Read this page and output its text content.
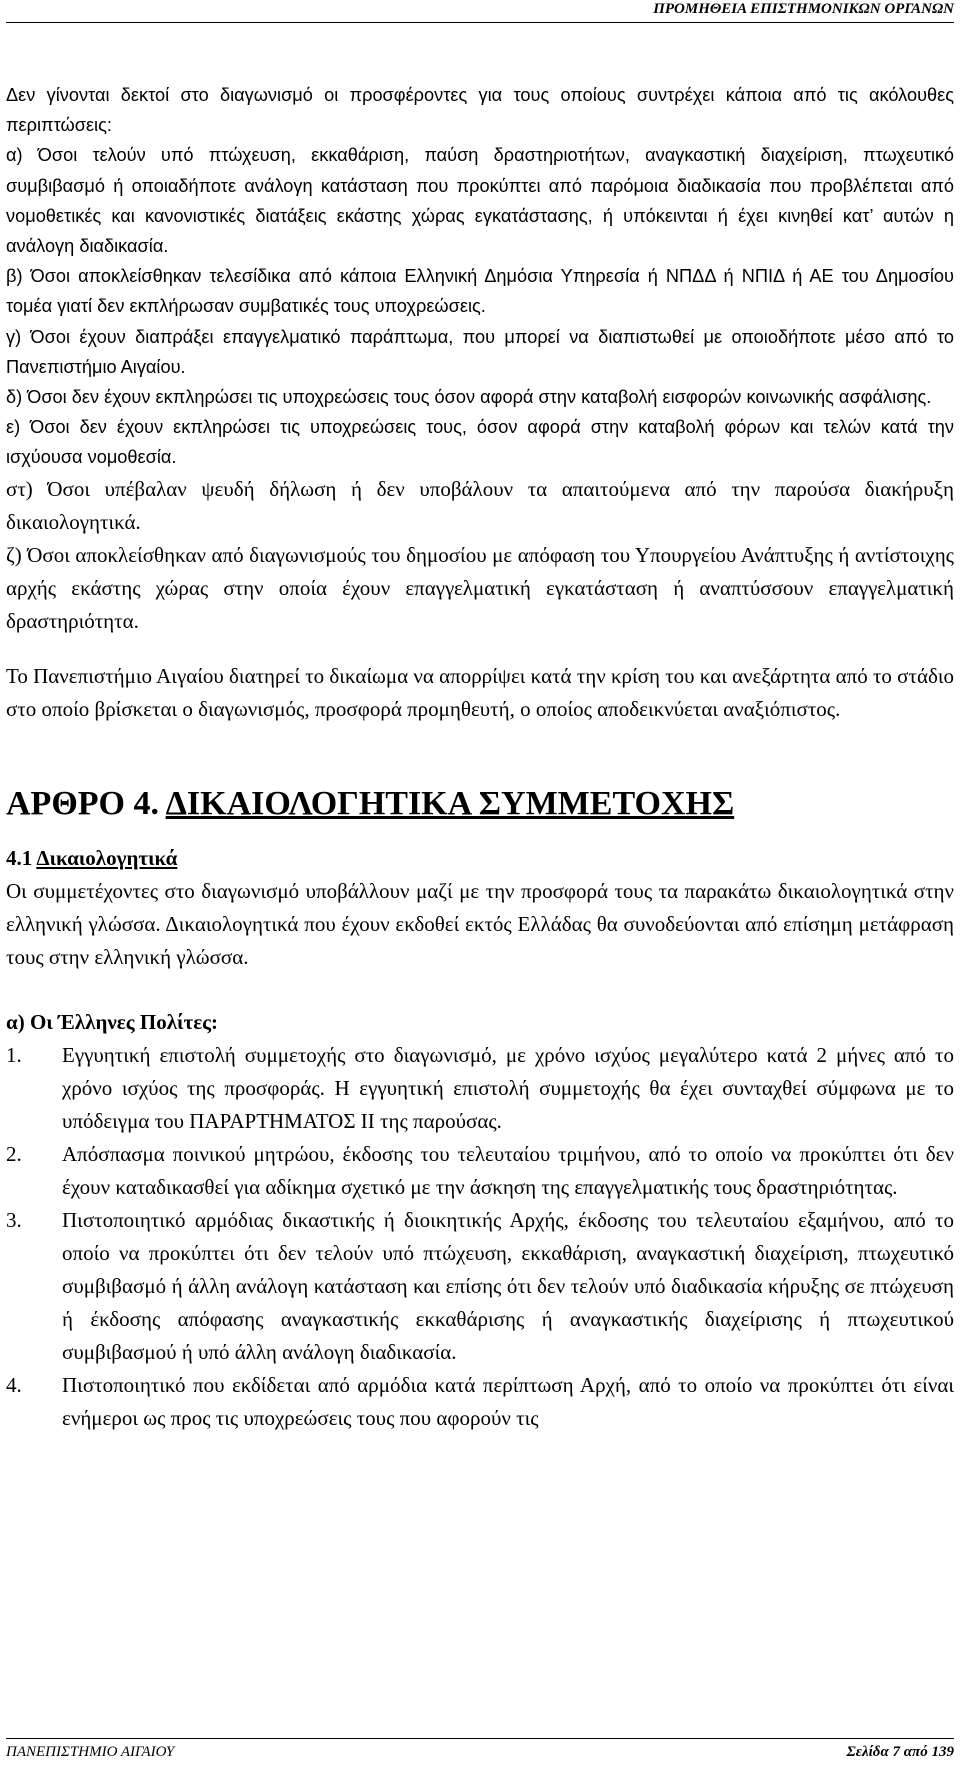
ΠΡΟΜΗΘΕΙΑ ΕΠΙΣΤΗΜΟΝΙΚΩΝ ΟΡΓΑΝΩΝ

Δεν γίνονται δεκτοί στο διαγωνισμό οι προσφέροντες για τους οποίους συντρέχει κάποια από τις ακόλουθες περιπτώσεις:

α) Όσοι τελούν υπό πτώχευση, εκκαθάριση, παύση δραστηριοτήτων, αναγκαστική διαχείριση, πτωχευτικό συμβιβασμό ή οποιαδήποτε ανάλογη κατάσταση που προκύπτει από παρόμοια διαδικασία που προβλέπεται από νομοθετικές και κανονιστικές διατάξεις εκάστης χώρας εγκατάστασης, ή υπόκεινται ή έχει κινηθεί κατ’ αυτών η ανάλογη διαδικασία.

β) Όσοι αποκλείσθηκαν τελεσίδικα από κάποια Ελληνική Δημόσια Υπηρεσία ή ΝΠΔΔ ή ΝΠΙΔ ή ΑΕ του Δημοσίου τομέα γιατί δεν εκπλήρωσαν συμβατικές τους υποχρεώσεις.

γ) Όσοι έχουν διαπράξει επαγγελματικό παράπτωμα, που μπορεί να διαπιστωθεί με οποιοδήποτε μέσο από το Πανεπιστήμιο Αιγαίου.

δ) Όσοι δεν έχουν εκπληρώσει τις υποχρεώσεις τους όσον αφορά στην καταβολή εισφορών κοινωνικής ασφάλισης.

ε) Όσοι δεν έχουν εκπληρώσει τις υποχρεώσεις τους, όσον αφορά στην καταβολή φόρων και τελών κατά την ισχύουσα νομοθεσία.

στ) Όσοι υπέβαλαν ψευδή δήλωση ή δεν υποβάλουν τα απαιτούμενα από την παρούσα διακήρυξη δικαιολογητικά.

ζ) Όσοι αποκλείσθηκαν από διαγωνισμούς του δημοσίου με απόφαση του Υπουργείου Ανάπτυξης ή αντίστοιχης αρχής εκάστης χώρας στην οποία έχουν επαγγελματική εγκατάσταση ή αναπτύσσουν επαγγελματική δραστηριότητα.

Το Πανεπιστήμιο Αιγαίου διατηρεί το δικαίωμα να απορρίψει κατά την κρίση του και ανεξάρτητα από το στάδιο στο οποίο βρίσκεται ο διαγωνισμός, προσφορά προμηθευτή, ο οποίος αποδεικνύεται αναξιόπιστος.

ΑΡΘΡΟ 4. ΔΙΚΑΙΟΛΟΓΗΤΙΚΑ ΣΥΜΜΕΤΟΧΗΣ

4.1 Δικαιολογητικά

Οι συμμετέχοντες στο διαγωνισμό υποβάλλουν μαζί με την προσφορά τους τα παρακάτω δικαιολογητικά στην ελληνική γλώσσα. Δικαιολογητικά που έχουν εκδοθεί εκτός Ελλάδας θα συνοδεύονται από επίσημη μετάφραση τους στην ελληνική γλώσσα.

α) Οι Έλληνες Πολίτες:

1.	Εγγυητική επιστολή συμμετοχής στο διαγωνισμό, με χρόνο ισχύος μεγαλύτερο κατά 2 μήνες από το χρόνο ισχύος της προσφοράς. Η εγγυητική επιστολή συμμετοχής θα έχει συνταχθεί σύμφωνα με το υπόδειγμα του ΠΑΡΑΡΤΗΜΑΤΟΣ ΙΙ της παρούσας.
2.	Απόσπασμα ποινικού μητρώου, έκδοσης του τελευταίου τριμήνου, από το οποίο να προκύπτει ότι δεν έχουν καταδικασθεί για αδίκημα σχετικό με την άσκηση της επαγγελματικής τους δραστηριότητας.
3.	Πιστοποιητικό αρμόδιας δικαστικής ή διοικητικής Αρχής, έκδοσης του τελευταίου εξαμήνου, από το οποίο να προκύπτει ότι δεν τελούν υπό πτώχευση, εκκαθάριση, αναγκαστική διαχείριση, πτωχευτικό συμβιβασμό ή άλλη ανάλογη κατάσταση και επίσης ότι δεν τελούν υπό διαδικασία κήρυξης σε πτώχευση ή έκδοσης απόφασης αναγκαστικής εκκαθάρισης ή αναγκαστικής διαχείρισης ή πτωχευτικού συμβιβασμού ή υπό άλλη ανάλογη διαδικασία.
4.	Πιστοποιητικό που εκδίδεται από αρμόδια κατά περίπτωση Αρχή, από το οποίο να προκύπτει ότι είναι ενήμεροι ως προς τις υποχρεώσεις τους που αφορούν τις
ΠΑΝΕΠΙΣΤΗΜΙΟ ΑΙΓΑΙΟΥ	Σελίδα 7 από 139
